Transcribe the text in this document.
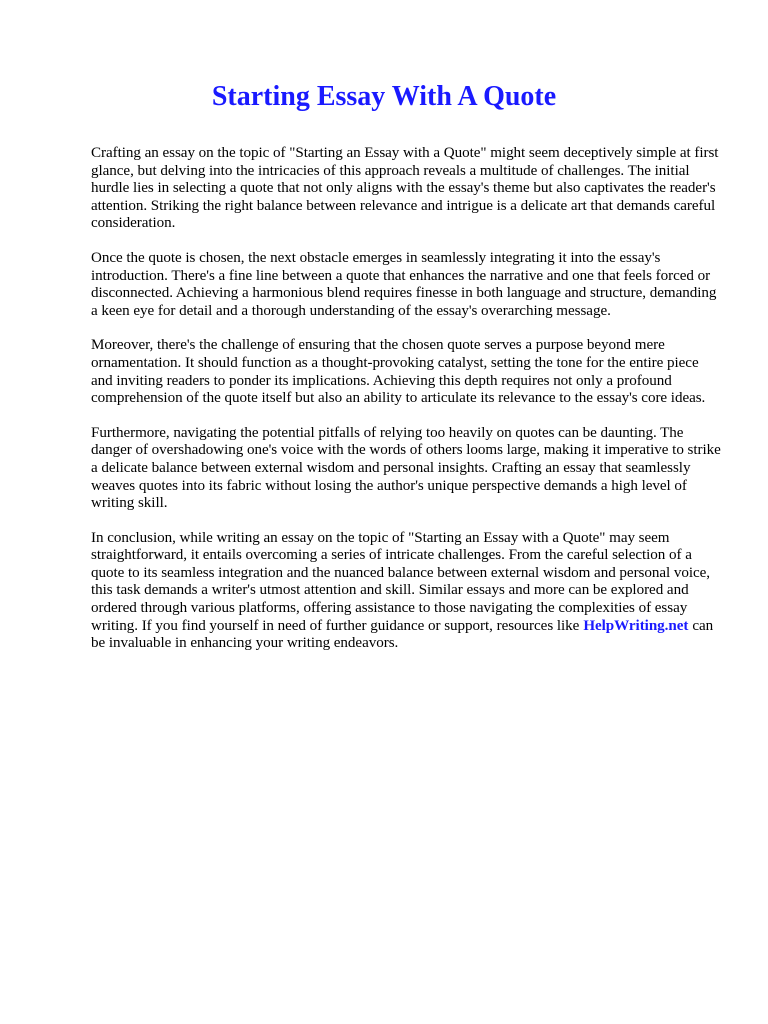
Starting Essay With A Quote

Crafting an essay on the topic of "Starting an Essay with a Quote" might seem deceptively simple at first glance, but delving into the intricacies of this approach reveals a multitude of challenges. The initial hurdle lies in selecting a quote that not only aligns with the essay's theme but also captivates the reader's attention. Striking the right balance between relevance and intrigue is a delicate art that demands careful consideration.

Once the quote is chosen, the next obstacle emerges in seamlessly integrating it into the essay's introduction. There's a fine line between a quote that enhances the narrative and one that feels forced or disconnected. Achieving a harmonious blend requires finesse in both language and structure, demanding a keen eye for detail and a thorough understanding of the essay's overarching message.

Moreover, there's the challenge of ensuring that the chosen quote serves a purpose beyond mere ornamentation. It should function as a thought-provoking catalyst, setting the tone for the entire piece and inviting readers to ponder its implications. Achieving this depth requires not only a profound comprehension of the quote itself but also an ability to articulate its relevance to the essay's core ideas.

Furthermore, navigating the potential pitfalls of relying too heavily on quotes can be daunting. The danger of overshadowing one's voice with the words of others looms large, making it imperative to strike a delicate balance between external wisdom and personal insights. Crafting an essay that seamlessly weaves quotes into its fabric without losing the author's unique perspective demands a high level of writing skill.

In conclusion, while writing an essay on the topic of "Starting an Essay with a Quote" may seem straightforward, it entails overcoming a series of intricate challenges. From the careful selection of a quote to its seamless integration and the nuanced balance between external wisdom and personal voice, this task demands a writer's utmost attention and skill. Similar essays and more can be explored and ordered through various platforms, offering assistance to those navigating the complexities of essay writing. If you find yourself in need of further guidance or support, resources like HelpWriting.net can be invaluable in enhancing your writing endeavors.
